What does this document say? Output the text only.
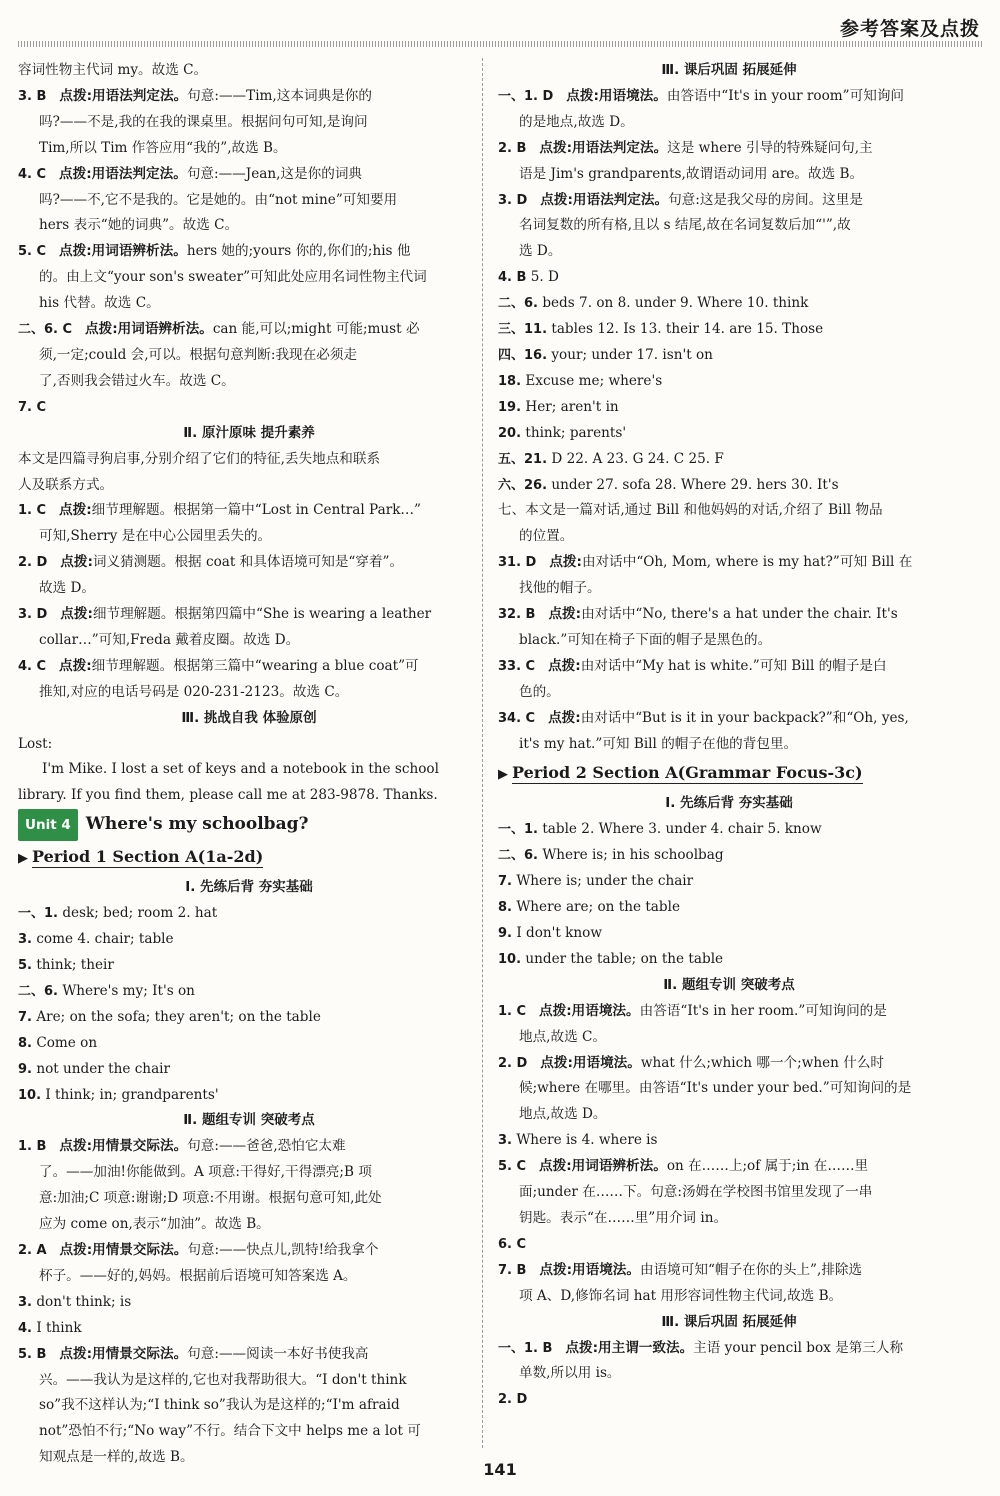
参考答案及点拨
容词性物主代词 my。故选 C。
3. B 点拨:用语法判定法。句意:——Tim,这本词典是你的
吗?——不是,我的在我的课桌里。根据问句可知,是询问
Tim,所以 Tim 作答应用“我的”,故选 B。
4. C 点拨:用语法判定法。句意:——Jean,这是你的词典
吗?——不,它不是我的。它是她的。由“not mine”可知要用
hers 表示“她的词典”。故选 C。
5. C 点拨:用词语辨析法。hers 她的;yours 你的,你们的;his 他
的。由上文“your son's sweater”可知此处应用名词性物主代词
his 代替。故选 C。
二、6. C 点拨:用词语辨析法。can 能,可以;might 可能;must 必
须,一定;could 会,可以。根据句意判断:我现在必须走
了,否则我会错过火车。故选 C。
7. C
Ⅱ. 原汁原味 提升素养
本文是四篇寻狗启事,分别介绍了它们的特征,丢失地点和联系
人及联系方式。
1. C 点拨:细节理解题。根据第一篇中“Lost in Central Park…”
可知,Sherry 是在中心公园里丢失的。
2. D 点拨:词义猜测题。根据 coat 和具体语境可知是“穿着”。
故选 D。
3. D 点拨:细节理解题。根据第四篇中“She is wearing a leather
collar…”可知,Freda 戴着皮圈。故选 D。
4. C 点拨:细节理解题。根据第三篇中“wearing a blue coat”可
推知,对应的电话号码是 020-231-2123。故选 C。
Ⅲ. 挑战自我 体验原创
Lost:
I'm Mike. I lost a set of keys and a notebook in the school
library. If you find them, please call me at 283-9878. Thanks.
Unit 4 Where's my schoolbag?
▶ Period 1 Section A(1a-2d)
Ⅰ. 先练后背 夯实基础
一、1. desk; bed; room 2. hat
3. come 4. chair; table
5. think; their
二、6. Where's my; It's on
7. Are; on the sofa; they aren't; on the table
8. Come on
9. not under the chair
10. I think; in; grandparents'
Ⅱ. 题组专训 突破考点
1. B 点拨:用情景交际法。句意:——爸爸,恐怕它太难
了。——加油!你能做到。A 项意:干得好,干得漂亮;B 项
意:加油;C 项意:谢谢;D 项意:不用谢。根据句意可知,此处
应为 come on,表示“加油”。故选 B。
2. A 点拨:用情景交际法。句意:——快点儿,凯特!给我拿个
杯子。——好的,妈妈。根据前后语境可知答案选 A。
3. don't think; is
4. I think
5. B 点拨:用情景交际法。句意:——阅读一本好书使我高
兴。——我认为是这样的,它也对我帮助很大。“I don't think
so”我不这样认为;“I think so”我认为是这样的;“I'm afraid
not”恐怕不行;“No way”不行。结合下文中 helps me a lot 可
知观点是一样的,故选 B。
Ⅲ. 课后巩固 拓展延伸
一、1. D 点拨:用语境法。由答语中“It's in your room”可知询问
的是地点,故选 D。
2. B 点拨:用语法判定法。这是 where 引导的特殊疑问句,主
语是 Jim's grandparents,故谓语动词用 are。故选 B。
3. D 点拨:用语法判定法。句意:这是我父母的房间。这里是
名词复数的所有格,且以 s 结尾,故在名词复数后加“'”,故
选 D。
4. B 5. D
二、6. beds 7. on 8. under 9. Where 10. think
三、11. tables 12. Is 13. their 14. are 15. Those
四、16. your; under 17. isn't on
18. Excuse me; where's
19. Her; aren't in
20. think; parents'
五、21. D 22. A 23. G 24. C 25. F
六、26. under 27. sofa 28. Where 29. hers 30. It's
七、本文是一篇对话,通过 Bill 和他妈妈的对话,介绍了 Bill 物品
的位置。
31. D 点拨:由对话中“Oh, Mom, where is my hat?”可知 Bill 在
找他的帽子。
32. B 点拨:由对话中“No, there's a hat under the chair. It's
black.”可知在椅子下面的帽子是黑色的。
33. C 点拨:由对话中“My hat is white.”可知 Bill 的帽子是白
色的。
34. C 点拨:由对话中“But is it in your backpack?”和“Oh, yes,
it's my hat.”可知 Bill 的帽子在他的背包里。
▶ Period 2 Section A(Grammar Focus-3c)
Ⅰ. 先练后背 夯实基础
一、1. table 2. Where 3. under 4. chair 5. know
二、6. Where is; in his schoolbag
7. Where is; under the chair
8. Where are; on the table
9. I don't know
10. under the table; on the table
Ⅱ. 题组专训 突破考点
1. C 点拨:用语境法。由答语“It's in her room.”可知询问的是
地点,故选 C。
2. D 点拨:用语境法。what 什么;which 哪一个;when 什么时
候;where 在哪里。由答语“It's under your bed.”可知询问的是
地点,故选 D。
3. Where is 4. where is
5. C 点拨:用词语辨析法。on 在……上;of 属于;in 在……里
面;under 在……下。句意:汤姆在学校图书馆里发现了一串
钥匙。表示“在……里”用介词 in。
6. C
7. B 点拨:用语境法。由语境可知“帽子在你的头上”,排除选
项 A、D,修饰名词 hat 用形容词性物主代词,故选 B。
Ⅲ. 课后巩固 拓展延伸
一、1. B 点拨:用主谓一致法。主语 your pencil box 是第三人称
单数,所以用 is。
2. D
141
